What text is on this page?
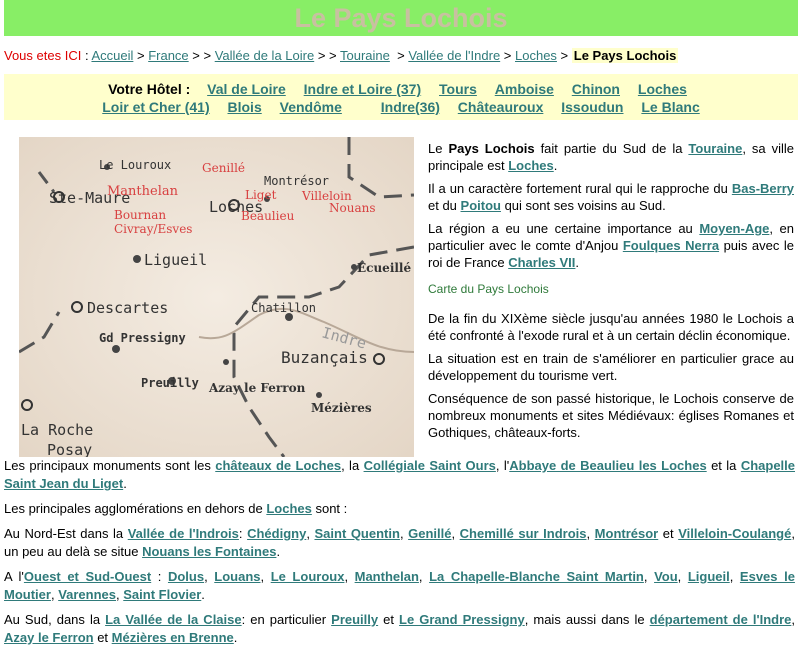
Le Pays Lochois
Vous etes ICI : Accueil > France > > Vallée de la Loire > > Touraine  > Vallée de l'Indre > Loches > Le Pays Lochois
Votre Hôtel : Val de Loire Indre et Loire (37) Tours Amboise Chinon Loches
Loir et Cher (41) Blois Vendôme	Indre(36) Châteauroux Issoudun Le Blanc
Le Louroux
Montrésor
Ste-Maure	Loches
Ligueil	Ecueillé
Descartes	Chatillon
Indre
Gd Pressigny
Buzançais
Preuilly Azay le Ferron
Mézières
La Roche
Posay
Genillé
Manthelan	Liget Villeloin
Nouans
Bournan	Beaulieu
Civray/Esves

Le Pays Lochois fait partie du Sud de la Touraine, sa ville principale est Loches.

Il a un caractère fortement rural qui le rapproche du Bas-Berry et du Poitou qui sont ses voisins au Sud.

La région a eu une certaine importance au Moyen-Age, en particulier avec le comte d'Anjou Foulques Nerra puis avec le roi de France Charles VII.

Carte du Pays Lochois

De la fin du XIXème siècle jusqu'au années 1980 le Lochois a été confronté à l'exode rural et à un certain déclin économique.

La situation est en train de s'améliorer en particulier grace au développement du tourisme vert.

Conséquence de son passé historique, le Lochois conserve de nombreux monuments et sites Médiévaux: églises Romanes et Gothiques, châteaux-forts.

Les principaux monuments sont les châteaux de Loches, la Collégiale Saint Ours, l'Abbaye de Beaulieu les Loches et la Chapelle Saint Jean du Liget.

Les principales agglomérations en dehors de Loches sont :

Au Nord-Est dans la Vallée de l'Indrois: Chédigny, Saint Quentin, Genillé, Chemillé sur Indrois, Montrésor et Villeloin-Coulangé, un peu au delà se situe Nouans les Fontaines.

A l'Ouest et Sud-Ouest : Dolus, Louans, Le Louroux, Manthelan, La Chapelle-Blanche Saint Martin, Vou, Ligueil, Esves le Moutier, Varennes, Saint Flovier.

Au Sud, dans la La Vallée de la Claise: en particulier Preuilly et Le Grand Pressigny, mais aussi dans le département de l'Indre, Azay le Ferron et Mézières en Brenne.
